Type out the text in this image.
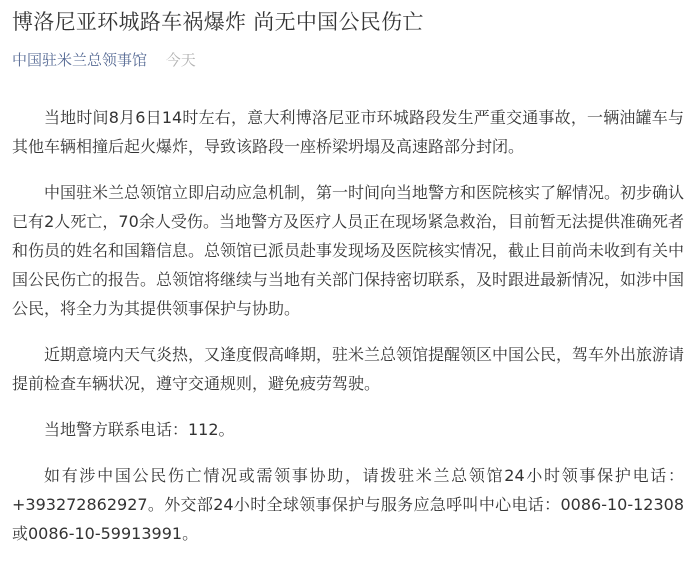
博洛尼亚环城路车祸爆炸 尚无中国公民伤亡
中国驻米兰总领事馆 今天

当地时间8月6日14时左右，意大利博洛尼亚市环城路段发生严重交通事故，一辆油罐车与其他车辆相撞后起火爆炸，导致该路段一座桥梁坍塌及高速路部分封闭。

中国驻米兰总领馆立即启动应急机制，第一时间向当地警方和医院核实了解情况。初步确认已有2人死亡，70余人受伤。当地警方及医疗人员正在现场紧急救治，目前暂无法提供准确死者和伤员的姓名和国籍信息。总领馆已派员赴事发现场及医院核实情况，截止目前尚未收到有关中国公民伤亡的报告。总领馆将继续与当地有关部门保持密切联系，及时跟进最新情况，如涉中国公民，将全力为其提供领事保护与协助。

近期意境内天气炎热，又逢度假高峰期，驻米兰总领馆提醒领区中国公民，驾车外出旅游请提前检查车辆状况，遵守交通规则，避免疲劳驾驶。

当地警方联系电话：112。

如有涉中国公民伤亡情况或需领事协助，请拨驻米兰总领馆24小时领事保护电话：+393272862927。外交部24小时全球领事保护与服务应急呼叫中心电话：0086-10-12308或0086-10-59913991。
